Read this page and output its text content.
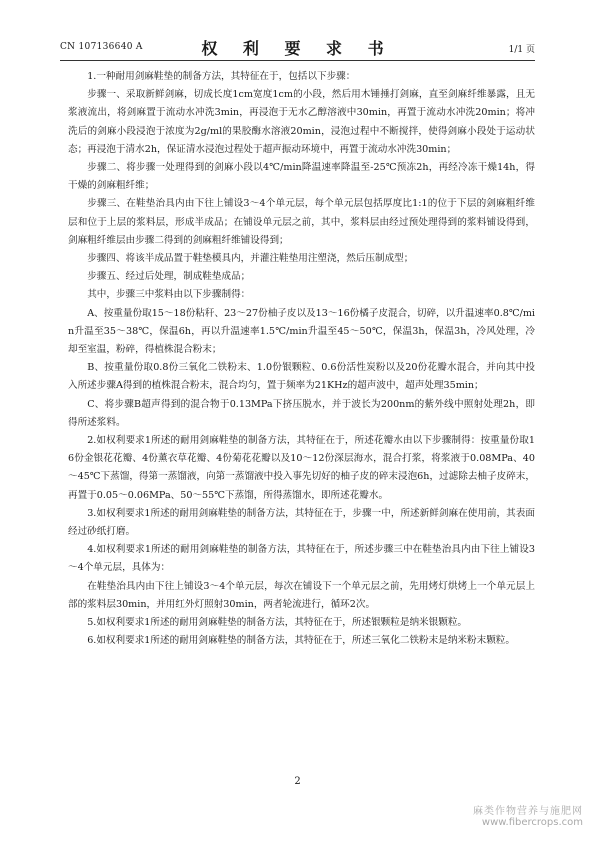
CN 107136640 A	权 利 要 求 书	1/1 页

1.一种耐用剑麻鞋垫的制备方法，其特征在于，包括以下步骤：

步骤一、采取新鲜剑麻，切成长度1cm宽度1cm的小段，然后用木锤捶打剑麻，直至剑麻纤维暴露，且无浆液流出，将剑麻置于流动水冲洗3min，再浸泡于无水乙醇溶液中30min，再置于流动水冲洗20min；将冲洗后的剑麻小段浸泡于浓度为2g/ml的果胶酶水溶液20min，浸泡过程中不断搅拌，使得剑麻小段处于运动状态；再浸泡于清水2h，保证清水浸泡过程处于超声振动环境中，再置于流动水冲洗30min；

步骤二、将步骤一处理得到的剑麻小段以4℃/min降温速率降温至-25℃预冻2h，再经冷冻干燥14h，得干燥的剑麻粗纤维；

步骤三、在鞋垫治具内由下往上铺设3～4个单元层，每个单元层包括厚度比1:1的位于下层的剑麻粗纤维层和位于上层的浆料层，形成半成品；在铺设单元层之前，其中，浆料层由经过预处理得到的浆料铺设得到，剑麻粗纤维层由步骤二得到的剑麻粗纤维铺设得到；

步骤四、将该半成品置于鞋垫模具内，并灌注鞋垫用注塑浇，然后压制成型；

步骤五、经过后处理，制成鞋垫成品；

其中，步骤三中浆料由以下步骤制得：

A、按重量份取15～18份粘秆、23～27份柚子皮以及13～16份橘子皮混合，切碎，以升温速率0.8℃/min升温至35～38℃，保温6h，再以升温速率1.5℃/min升温至45～50℃，保温3h，保温3h，冷风处理，冷却至室温，粉碎，得植株混合粉末；

B、按重量份取0.8份三氧化二铁粉末、1.0份银颗粒、0.6份活性炭粉以及20份花瓣水混合，并向其中投入所述步骤A得到的植株混合粉末，混合均匀，置于频率为21KHz的超声波中，超声处理35min；

C、将步骤B超声得到的混合物于0.13MPa下挤压脱水，并于波长为200nm的紫外线中照射处理2h，即得所述浆料。

2.如权利要求1所述的耐用剑麻鞋垫的制备方法，其特征在于，所述花瓣水由以下步骤制得：按重量份取16份金银花花瓣、4份薰衣草花瓣、4份菊花花瓣以及10～12份深层海水，混合打浆，将浆液于0.08MPa、40～45℃下蒸馏，得第一蒸馏液，向第一蒸馏液中投入事先切好的柚子皮的碎末浸泡6h，过滤除去柚子皮碎末，再置于0.05～0.06MPa、50～55℃下蒸馏，所得蒸馏水，即所述花瓣水。

3.如权利要求1所述的耐用剑麻鞋垫的制备方法，其特征在于，步骤一中，所述新鲜剑麻在使用前，其表面经过砂纸打磨。

4.如权利要求1所述的耐用剑麻鞋垫的制备方法，其特征在于，所述步骤三中在鞋垫治具内由下往上铺设3～4个单元层，具体为：

在鞋垫治具内由下往上铺设3～4个单元层，每次在铺设下一个单元层之前，先用烤灯烘烤上一个单元层上部的浆料层30min，并用红外灯照射30min，两者轮流进行，循环2次。

5.如权利要求1所述的耐用剑麻鞋垫的制备方法，其特征在于，所述银颗粒是纳米银颗粒。

6.如权利要求1所述的耐用剑麻鞋垫的制备方法，其特征在于，所述三氧化二铁粉末是纳米粉末颗粒。

2
麻类作物营养与施肥网
www.fibercrops.com
